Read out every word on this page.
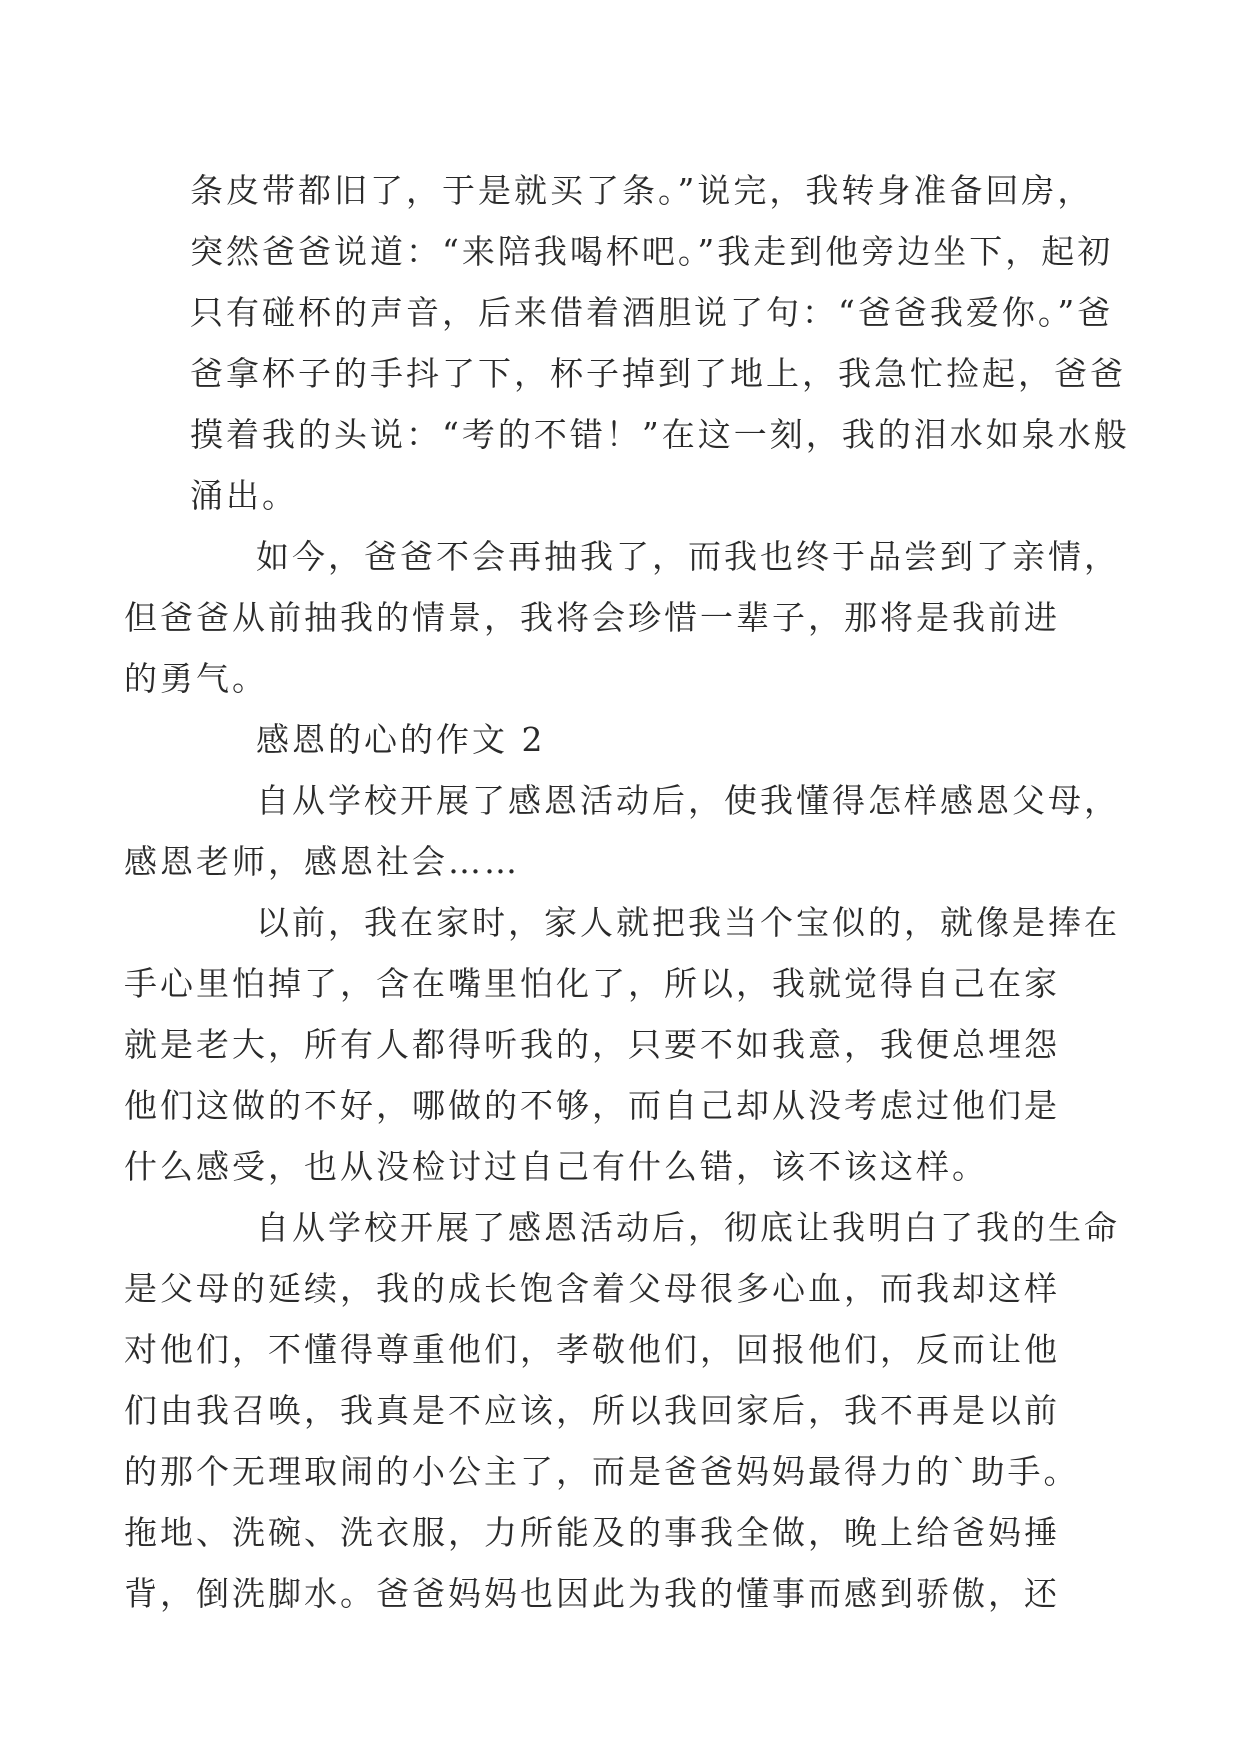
条皮带都旧了，于是就买了条。”说完，我转身准备回房，
突然爸爸说道：“来陪我喝杯吧。”我走到他旁边坐下，起初
只有碰杯的声音，后来借着酒胆说了句：“爸爸我爱你。”爸
爸拿杯子的手抖了下，杯子掉到了地上，我急忙捡起，爸爸
摸着我的头说：“考的不错！”在这一刻，我的泪水如泉水般
涌出。

如今，爸爸不会再抽我了，而我也终于品尝到了亲情，
但爸爸从前抽我的情景，我将会珍惜一辈子，那将是我前进
的勇气。

感恩的心的作文 2

自从学校开展了感恩活动后，使我懂得怎样感恩父母，
感恩老师，感恩社会……

以前，我在家时，家人就把我当个宝似的，就像是捧在
手心里怕掉了，含在嘴里怕化了，所以，我就觉得自己在家
就是老大，所有人都得听我的，只要不如我意，我便总埋怨
他们这做的不好，哪做的不够，而自己却从没考虑过他们是
什么感受，也从没检讨过自己有什么错，该不该这样。

自从学校开展了感恩活动后，彻底让我明白了我的生命
是父母的延续，我的成长饱含着父母很多心血，而我却这样
对他们，不懂得尊重他们，孝敬他们，回报他们，反而让他
们由我召唤，我真是不应该，所以我回家后，我不再是以前
的那个无理取闹的小公主了，而是爸爸妈妈最得力的`助手。
拖地、洗碗、洗衣服，力所能及的事我全做，晚上给爸妈捶
背，倒洗脚水。爸爸妈妈也因此为我的懂事而感到骄傲，还
